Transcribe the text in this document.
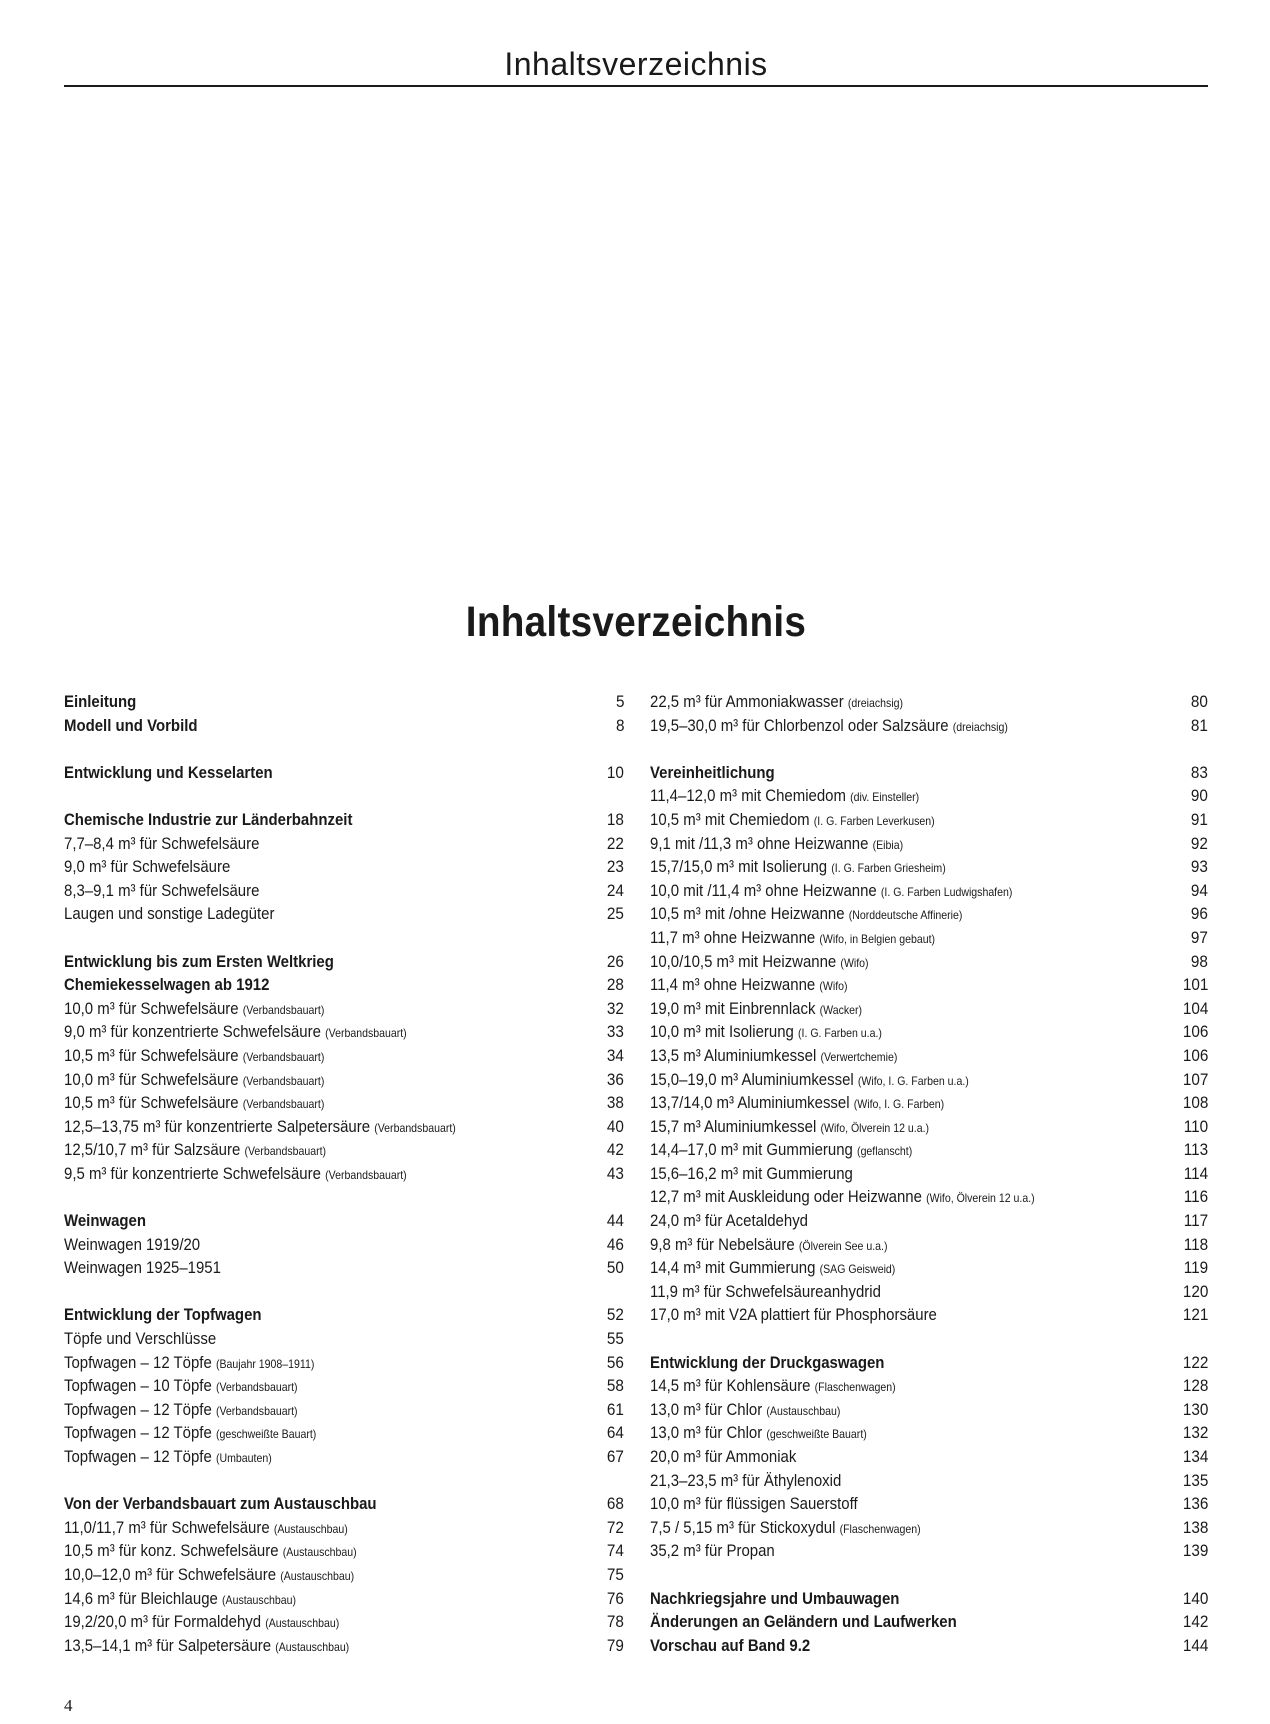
Inhaltsverzeichnis
Inhaltsverzeichnis
Einleitung	5
Modell und Vorbild	8
Entwicklung und Kesselarten	10
Chemische Industrie zur Länderbahnzeit	18
7,7–8,4 m³ für Schwefelsäure	22
9,0 m³ für Schwefelsäure	23
8,3–9,1 m³ für Schwefelsäure	24
Laugen und sonstige Ladegüter	25
Entwicklung bis zum Ersten Weltkrieg	26
Chemiekesselwagen ab 1912	28
10,0 m³ für Schwefelsäure (Verbandsbauart)	32
9,0 m³ für konzentrierte Schwefelsäure (Verbandsbauart)	33
10,5 m³ für Schwefelsäure (Verbandsbauart)	34
10,0 m³ für Schwefelsäure (Verbandsbauart)	36
10,5 m³ für Schwefelsäure (Verbandsbauart)	38
12,5–13,75 m³ für konzentrierte Salpetersäure (Verbandsbauart)	40
12,5/10,7 m³ für Salzsäure (Verbandsbauart)	42
9,5 m³ für konzentrierte Schwefelsäure (Verbandsbauart)	43
Weinwagen	44
Weinwagen 1919/20	46
Weinwagen 1925–1951	50
Entwicklung der Topfwagen	52
Töpfe und Verschlüsse	55
Topfwagen – 12 Töpfe (Baujahr 1908–1911)	56
Topfwagen – 10 Töpfe (Verbandsbauart)	58
Topfwagen – 12 Töpfe (Verbandsbauart)	61
Topfwagen – 12 Töpfe (geschweißte Bauart)	64
Topfwagen – 12 Töpfe (Umbauten)	67
Von der Verbandsbauart zum Austauschbau	68
11,0/11,7 m³ für Schwefelsäure (Austauschbau)	72
10,5 m³ für konz. Schwefelsäure (Austauschbau)	74
10,0–12,0 m³ für Schwefelsäure (Austauschbau)	75
14,6 m³ für Bleichlauge (Austauschbau)	76
19,2/20,0 m³ für Formaldehyd (Austauschbau)	78
13,5–14,1 m³ für Salpetersäure (Austauschbau)	79
22,5 m³ für Ammoniakwasser (dreiachsig)	80
19,5–30,0 m³ für Chlorbenzol oder Salzsäure (dreiachsig)	81
Vereinheitlichung	83
11,4–12,0 m³ mit Chemiedom (div. Einsteller)	90
10,5 m³ mit Chemiedom (I. G. Farben Leverkusen)	91
9,1 mit /11,3 m³ ohne Heizwanne (Eibia)	92
15,7/15,0 m³ mit Isolierung (I. G. Farben Griesheim)	93
10,0 mit /11,4 m³ ohne Heizwanne (I. G. Farben Ludwigshafen)	94
10,5 m³ mit /ohne Heizwanne (Norddeutsche Affinerie)	96
11,7 m³ ohne Heizwanne (Wifo, in Belgien gebaut)	97
10,0/10,5 m³ mit Heizwanne (Wifo)	98
11,4 m³ ohne Heizwanne (Wifo)	101
19,0 m³ mit Einbrennlack (Wacker)	104
10,0 m³ mit Isolierung (I. G. Farben u.a.)	106
13,5 m³ Aluminiumkessel (Verwertchemie)	106
15,0–19,0 m³ Aluminiumkessel (Wifo, I. G. Farben u.a.)	107
13,7/14,0 m³ Aluminiumkessel (Wifo, I. G. Farben)	108
15,7 m³ Aluminiumkessel (Wifo, Ölverein 12 u.a.)	110
14,4–17,0 m³ mit Gummierung (geflanscht)	113
15,6–16,2 m³ mit Gummierung	114
12,7 m³ mit Auskleidung oder Heizwanne (Wifo, Ölverein 12 u.a.)	116
24,0 m³ für Acetaldehyd	117
9,8 m³ für Nebelsäure (Ölverein See u.a.)	118
14,4 m³ mit Gummierung (SAG Geisweid)	119
11,9 m³ für Schwefelsäureanhydrid	120
17,0 m³ mit V2A plattiert für Phosphorsäure	121
Entwicklung der Druckgaswagen	122
14,5 m³ für Kohlensäure (Flaschenwagen)	128
13,0 m³ für Chlor (Austauschbau)	130
13,0 m³ für Chlor (geschweißte Bauart)	132
20,0 m³ für Ammoniak	134
21,3–23,5 m³ für Äthylenoxid	135
10,0 m³ für flüssigen Sauerstoff	136
7,5 / 5,15 m³ für Stickoxydul (Flaschenwagen)	138
35,2 m³ für Propan	139
Nachkriegsjahre und Umbauwagen	140
Änderungen an Geländern und Laufwerken	142
Vorschau auf Band 9.2	144
4
